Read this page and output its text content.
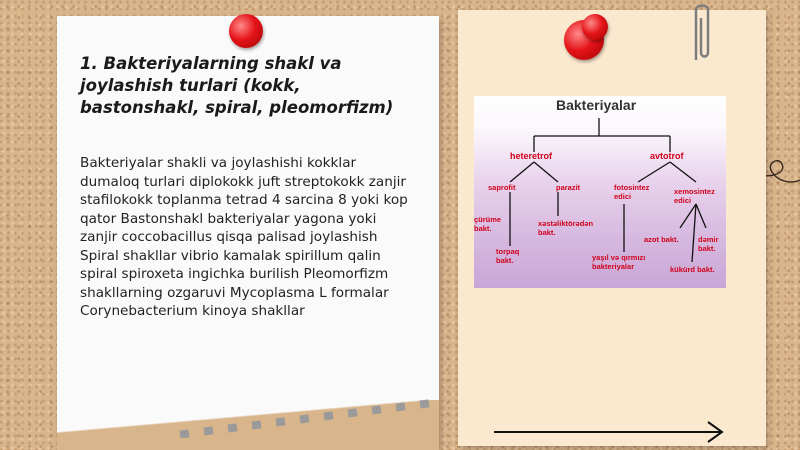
1. Bakteriyalarning shakl va joylashish turlari (kokk, bastonshakl, spiral, pleomorfizm)

Bakteriyalar shakli va joylashishi kokklar dumaloq turlari diplokokk juft streptokokk zanjir stafilokokk toplanma tetrad 4 sarcina 8 yoki kop qator Bastonshakl bakteriyalar yagona yoki zanjir coccobacillus qisqa palisad joylashish Spiral shakllar vibrio kamalak spirillum qalin spiral spiroxeta ingichka burilish Pleomorfizm shakllarning ozgaruvi Mycoplasma L formalar Corynebacterium kinoya shakllar

Bakteriyalar
heteretrof	avtotrof
saprofit	parazit	fotosintez edici	xemosintez edici
çürüme bakt.	xəstəliktörədən bakt.
torpaq bakt.	yaşıl və qırmızı bakteriyalar
azot bakt.	dəmir bakt.
kükürd bakt.
